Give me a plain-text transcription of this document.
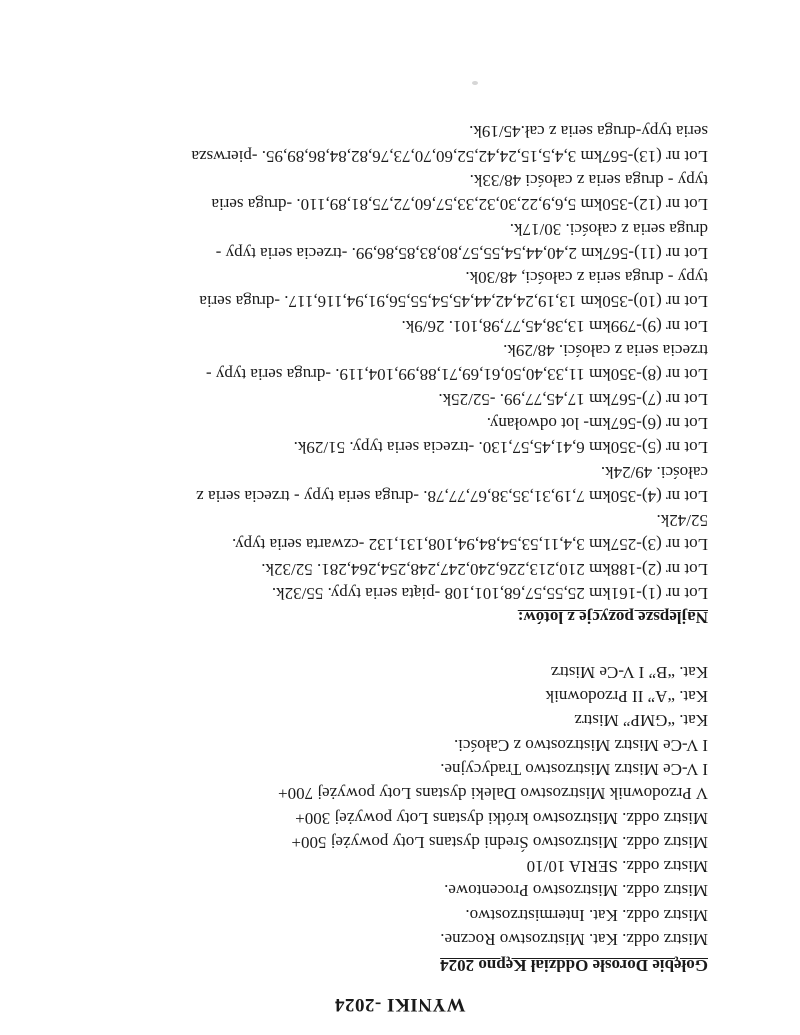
WYNIKI -2024
Gołębie Dorosłe Oddział Kępno 2024
Mistrz oddz. Kat. Mistrzostwo Roczne.
Mistrz oddz. Kat. Intermistrzostwo.
Mistrz oddz. Mistrzostwo Procentowe.
Mistrz oddz. SERIA 10/10
Mistrz oddz. Mistrzostwo Średni dystans Loty powyżej 500+
Mistrz oddz. Mistrzostwo krótki dystans Loty powyżej 300+
V Przodownik Mistrzostwo Daleki dystans Loty powyżej 700+
I V-Ce Mistrz Mistrzostwo Tradycyjne.
I V-Ce Mistrz Mistrzostwo z Całości.
Kat. “GMP” Mistrz
Kat. “A” II Przodownik
Kat. “B” I V-Ce Mistrz
Najlepsze pozycje z lotów:
Lot nr (1)-161km 25,55,57,68,101,108 -piąta seria typy. 55/32k.
Lot nr (2)-188km 210,213,226,240,247,248,254,264,281. 52/32k.
Lot nr (3)-257km 3,4,11,53,54,84,94,108,131,132 -czwarta seria typy.
52/42k.
Lot nr (4)-350km 7,19,31,35,38,67,77,78. -druga seria typy - trzecia seria z
całości. 49/24k.
Lot nr (5)-350km 6,41,45,57,130. -trzecia seria typy. 51/29k.
Lot nr (6)-567km- lot odwołany.
Lot nr (7)-567km 17,45,77,99. -52/25k.
Lot nr (8)-350km 11,33,40,50,61,69,71,88,99,104,119. -druga seria typy -
trzecia seria z całości. 48/29k.
Lot nr (9)-799km 13,38,45,77,98,101. 26/9k.
Lot nr (10)-350km 13,19,24,42,44,45,54,55,56,91,94,116,117. -druga seria
typy - druga seria z całości, 48/30k.
Lot nr (11)-567km 2,40,44,54,55,57,80,83,85,86,99. -trzecia seria typy -
druga seria z całości. 30/17k.
Lot nr (12)-350km 5,6,9,22,30,32,33,57,60,72,75,81,89,110. -druga seria
typy - druga seria z całości 48/33k.
Lot nr (13)-567km 3,4,5,15,24,42,52,60,70,73,76,82,84,86,89,95. -pierwsza
seria typy-druga seria z cał.45/19k.
